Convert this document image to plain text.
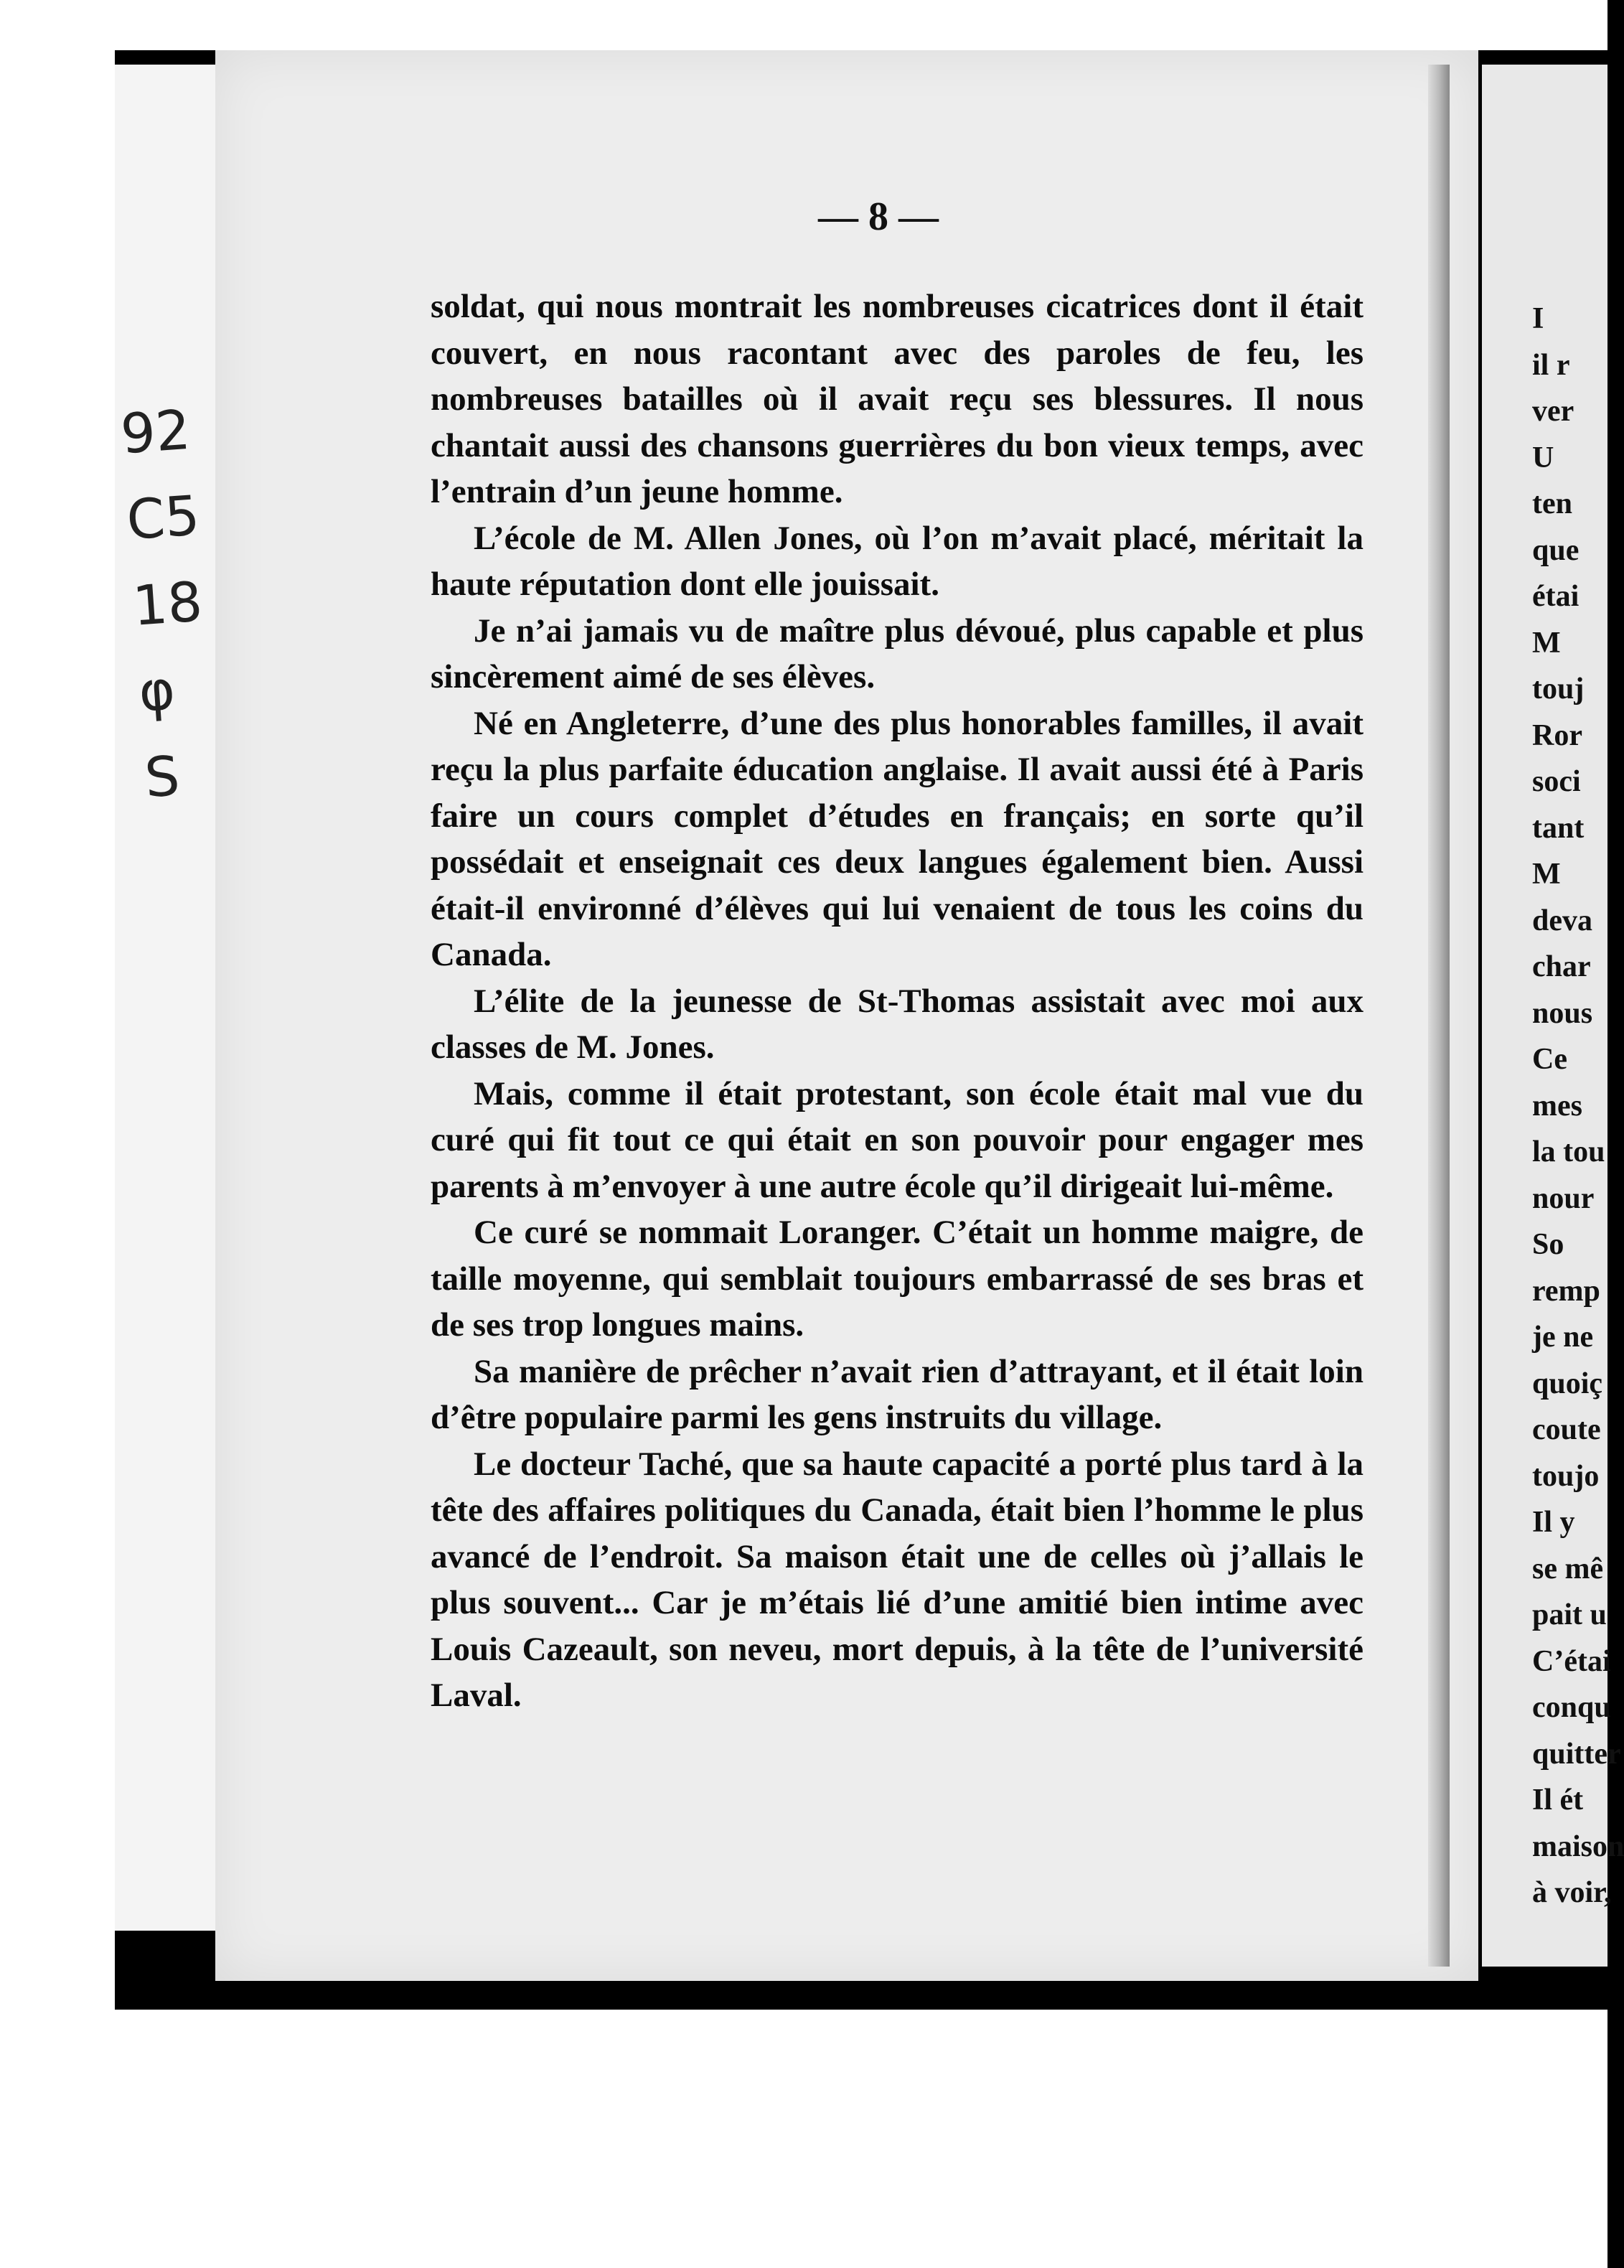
92
C5
18
φ
S
— 8 —

soldat, qui nous montrait les nombreuses cicatrices dont il était couvert, en nous racontant avec des paroles de feu, les nombreuses batailles où il avait reçu ses blessures. Il nous chantait aussi des chansons guerrières du bon vieux temps, avec l’entrain d’un jeune homme.

L’école de M. Allen Jones, où l’on m’avait placé, méritait la haute réputation dont elle jouissait.

Je n’ai jamais vu de maître plus dévoué, plus capable et plus sincèrement aimé de ses élèves.

Né en Angleterre, d’une des plus honorables familles, il avait reçu la plus parfaite éducation anglaise. Il avait aussi été à Paris faire un cours complet d’études en français; en sorte qu’il possédait et enseignait ces deux langues également bien. Aussi était-il environné d’élèves qui lui venaient de tous les coins du Canada.

L’élite de la jeunesse de St-Thomas assistait avec moi aux classes de M. Jones.

Mais, comme il était protestant, son école était mal vue du curé qui fit tout ce qui était en son pouvoir pour engager mes parents à m’envoyer à une autre école qu’il dirigeait lui-même.

Ce curé se nommait Loranger. C’était un homme maigre, de taille moyenne, qui semblait toujours embarrassé de ses bras et de ses trop longues mains.

Sa manière de prêcher n’avait rien d’attrayant, et il était loin d’être populaire parmi les gens instruits du village.

Le docteur Taché, que sa haute capacité a porté plus tard à la tête des affaires politiques du Canada, était bien l’homme le plus avancé de l’endroit. Sa maison était une de celles où j’allais le plus souvent... Car je m’étais lié d’une amitié bien intime avec Louis Cazeault, son neveu, mort depuis, à la tête de l’université Laval.

I
il r
ver
U
ten
que
étai
M
touj
Ror
soci
tant
M
deva
char
nous
Ce
mes
la tou
nour
So
remp
je ne
quoiç
coute
toujo
Il y
se mê
pait u
C’étai
conqu
quitter
Il ét
maison
à voir,
